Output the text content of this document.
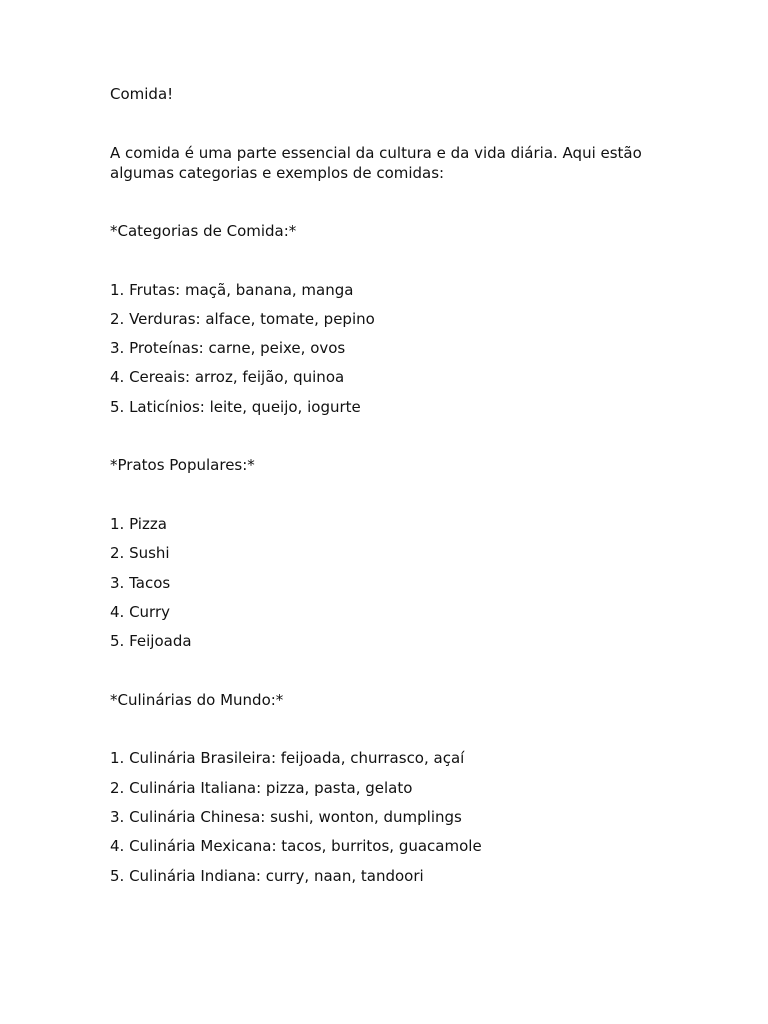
Comida!
A comida é uma parte essencial da cultura e da vida diária. Aqui estão algumas categorias e exemplos de comidas:
*Categorias de Comida:*
1. Frutas: maçã, banana, manga
2. Verduras: alface, tomate, pepino
3. Proteínas: carne, peixe, ovos
4. Cereais: arroz, feijão, quinoa
5. Laticínios: leite, queijo, iogurte
*Pratos Populares:*
1. Pizza
2. Sushi
3. Tacos
4. Curry
5. Feijoada
*Culinárias do Mundo:*
1. Culinária Brasileira: feijoada, churrasco, açaí
2. Culinária Italiana: pizza, pasta, gelato
3. Culinária Chinesa: sushi, wonton, dumplings
4. Culinária Mexicana: tacos, burritos, guacamole
5. Culinária Indiana: curry, naan, tandoori
